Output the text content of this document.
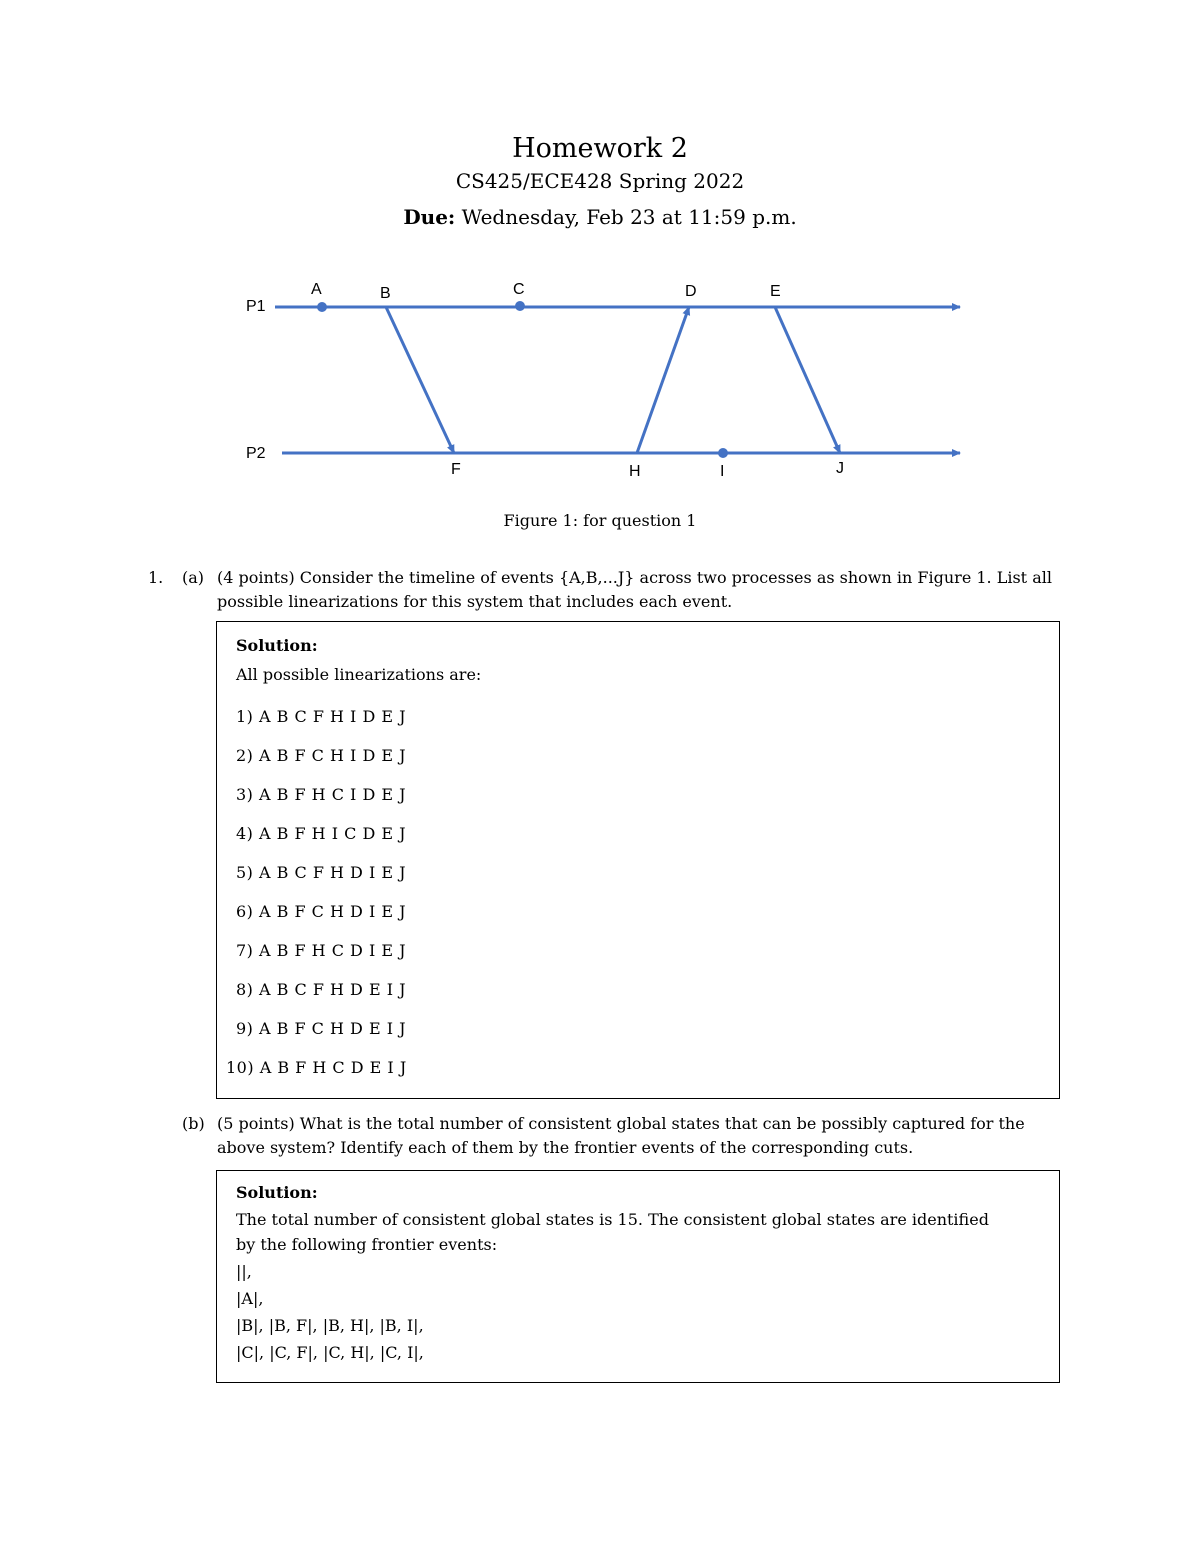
Homework 2
CS425/ECE428 Spring 2022
Due: Wednesday, Feb 23 at 11:59 p.m.
P1
P2
A	B	C	D	E
F	H	I	J
Figure 1: for question 1
1. (a) (4 points) Consider the timeline of events {A,B,...J} across two processes as shown in Figure 1. List all possible linearizations for this system that includes each event.
Solution:
All possible linearizations are:
1) A B C F H I D E J
2) A B F C H I D E J
3) A B F H C I D E J
4) A B F H I C D E J
5) A B C F H D I E J
6) A B F C H D I E J
7) A B F H C D I E J
8) A B C F H D E I J
9) A B F C H D E I J
10) A B F H C D E I J
(b) (5 points) What is the total number of consistent global states that can be possibly captured for the above system? Identify each of them by the frontier events of the corresponding cuts.
Solution:
The total number of consistent global states is 15. The consistent global states are identified
by the following frontier events:
||,
|A|,
|B|, |B, F|, |B, H|, |B, I|,
|C|, |C, F|, |C, H|, |C, I|,
